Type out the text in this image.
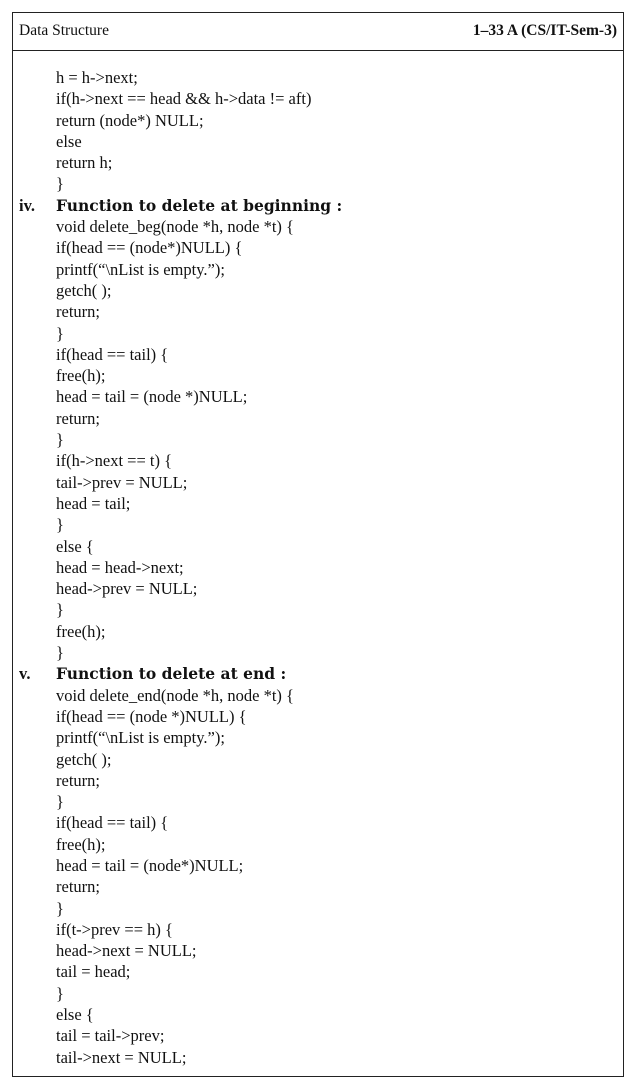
Data Structure	1–33 A (CS/IT-Sem-3)
h = h->next;
if(h->next == head && h->data != aft)
return (node*) NULL;
else
return h;
}
iv. Function to delete at beginning :
void delete_beg(node *h, node *t) {
if(head == (node*)NULL) {
printf(“\nList is empty.”);
getch( );
return;
}
if(head == tail) {
free(h);
head = tail = (node *)NULL;
return;
}
if(h->next == t) {
tail->prev = NULL;
head = tail;
}
else {
head = head->next;
head->prev = NULL;
}
free(h);
}
v. Function to delete at end :
void delete_end(node *h, node *t) {
if(head == (node *)NULL) {
printf(“\nList is empty.”);
getch( );
return;
}
if(head == tail) {
free(h);
head = tail = (node*)NULL;
return;
}
if(t->prev == h) {
head->next = NULL;
tail = head;
}
else {
tail = tail->prev;
tail->next = NULL;
